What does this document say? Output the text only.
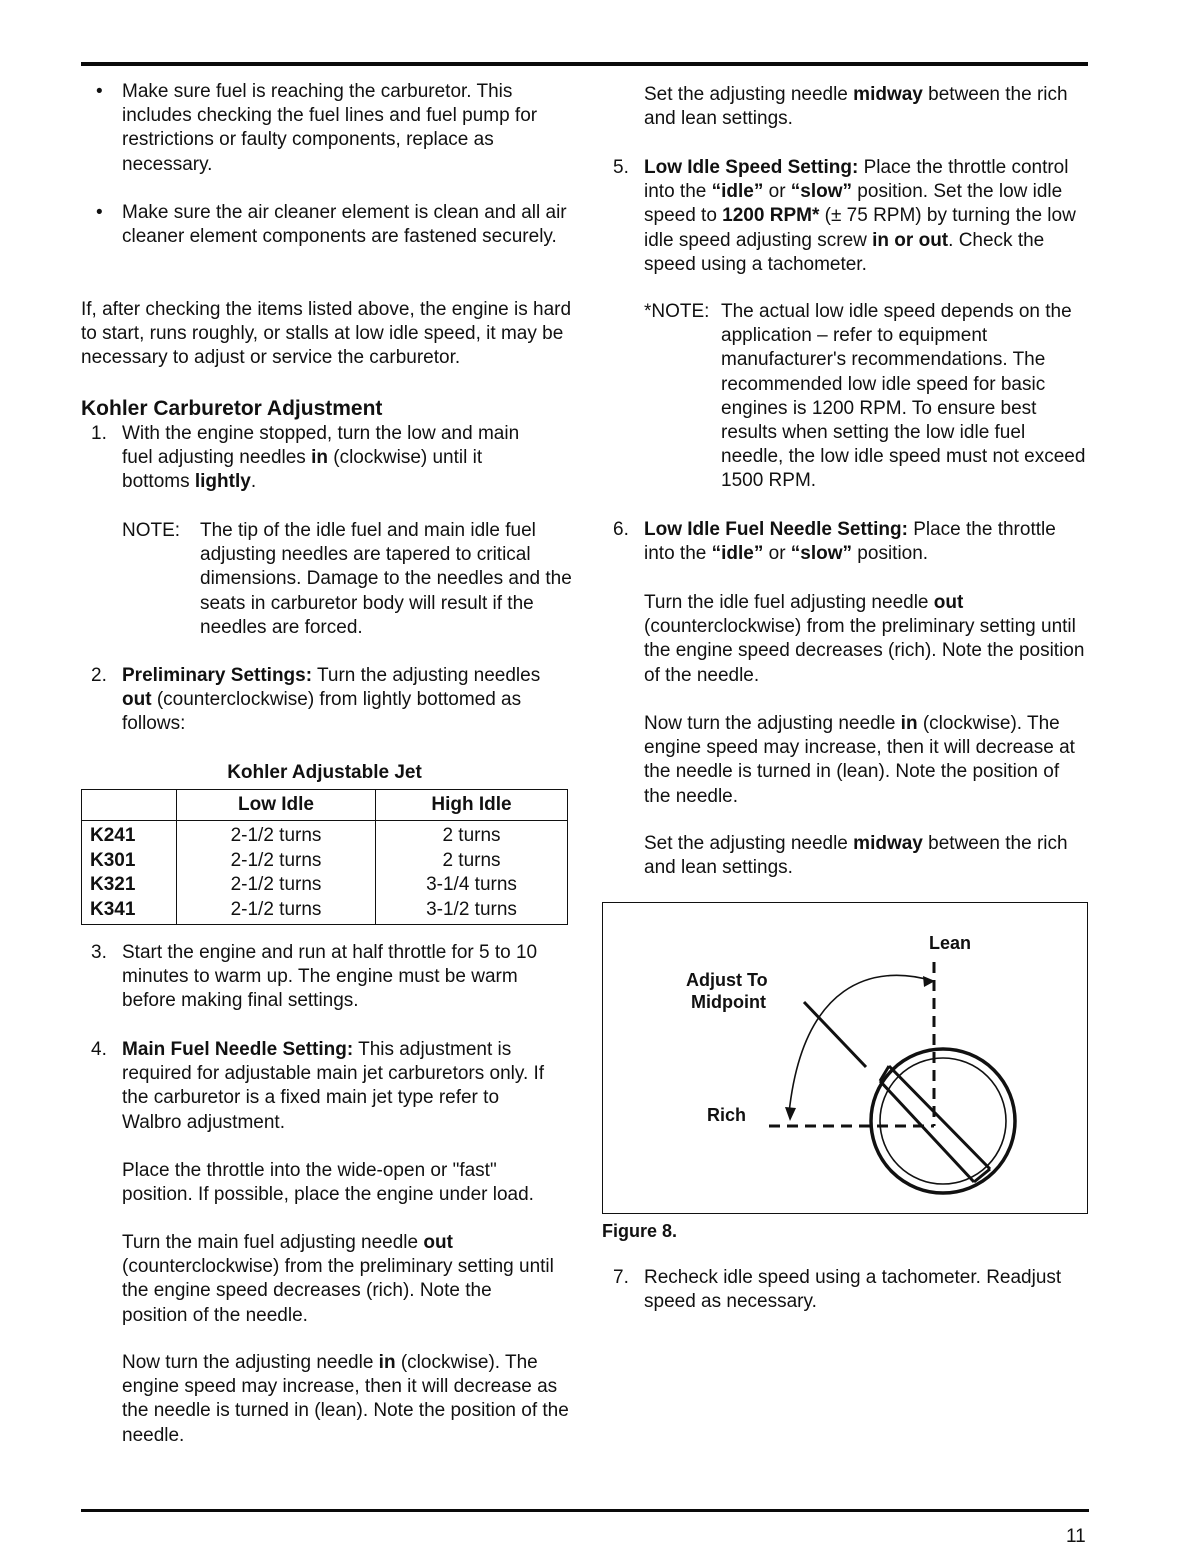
• Make sure fuel is reaching the carburetor. This includes checking the fuel lines and fuel pump for restrictions or faulty components, replace as necessary.
• Make sure the air cleaner element is clean and all air cleaner element components are fastened securely.
If, after checking the items listed above, the engine is hard to start, runs roughly, or stalls at low idle speed, it may be necessary to adjust or service the carburetor.
Kohler Carburetor Adjustment
1. With the engine stopped, turn the low and main fuel adjusting needles in (clockwise) until it bottoms lightly.
NOTE: The tip of the idle fuel and main idle fuel adjusting needles are tapered to critical dimensions. Damage to the needles and the seats in carburetor body will result if the needles are forced.
2. Preliminary Settings: Turn the adjusting needles out (counterclockwise) from lightly bottomed as follows:
Kohler Adjustable Jet
	Low Idle	High Idle
K241	2-1/2 turns	2 turns
K301	2-1/2 turns	2 turns
K321	2-1/2 turns	3-1/4 turns
K341	2-1/2 turns	3-1/2 turns
3. Start the engine and run at half throttle for 5 to 10 minutes to warm up. The engine must be warm before making final settings.
4. Main Fuel Needle Setting: This adjustment is required for adjustable main jet carburetors only. If the carburetor is a fixed main jet type refer to Walbro adjustment.
Place the throttle into the wide-open or "fast" position. If possible, place the engine under load.
Turn the main fuel adjusting needle out (counterclockwise) from the preliminary setting until the engine speed decreases (rich). Note the position of the needle.
Now turn the adjusting needle in (clockwise). The engine speed may increase, then it will decrease as the needle is turned in (lean). Note the position of the needle.
Set the adjusting needle midway between the rich and lean settings.
5. Low Idle Speed Setting: Place the throttle control into the “idle” or “slow” position. Set the low idle speed to 1200 RPM* (± 75 RPM) by turning the low idle speed adjusting screw in or out. Check the speed using a tachometer.
*NOTE: The actual low idle speed depends on the application – refer to equipment manufacturer's recommendations. The recommended low idle speed for basic engines is 1200 RPM. To ensure best results when setting the low idle fuel needle, the low idle speed must not exceed 1500 RPM.
6. Low Idle Fuel Needle Setting: Place the throttle into the “idle” or “slow” position.
Turn the idle fuel adjusting needle out (counterclockwise) from the preliminary setting until the engine speed decreases (rich). Note the position of the needle.
Now turn the adjusting needle in (clockwise). The engine speed may increase, then it will decrease at the needle is turned in (lean). Note the position of the needle.
Set the adjusting needle midway between the rich and lean settings.
7. Recheck idle speed using a tachometer. Readjust speed as necessary.
Lean
Adjust To
Midpoint
Rich
Figure 8.
11
